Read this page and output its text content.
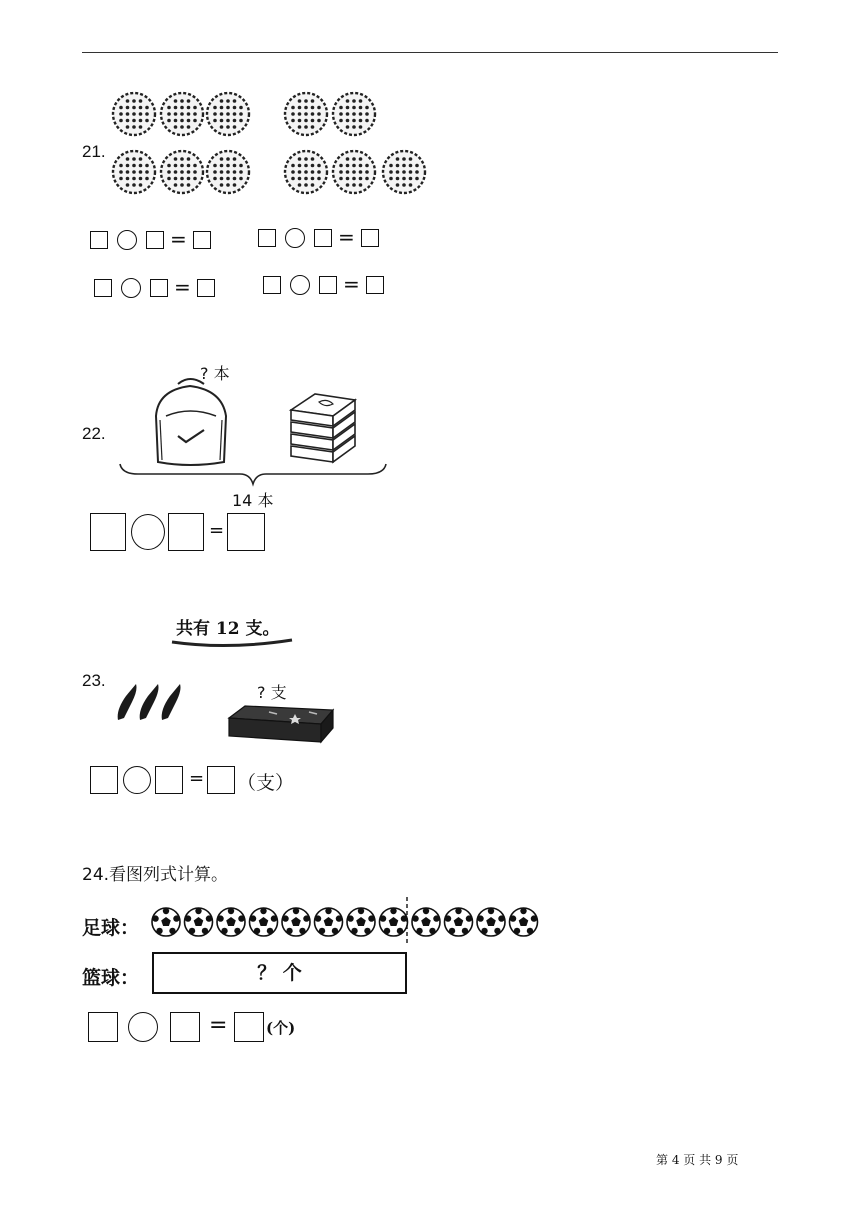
21.
=	=
=	=
22.
? 本
14 本
=
共有 12 支。
23.
? 支
= （支）
24.看图列式计算。
足球：
篮球：	？ 个
=	(个)
第 4 页 共 9 页
